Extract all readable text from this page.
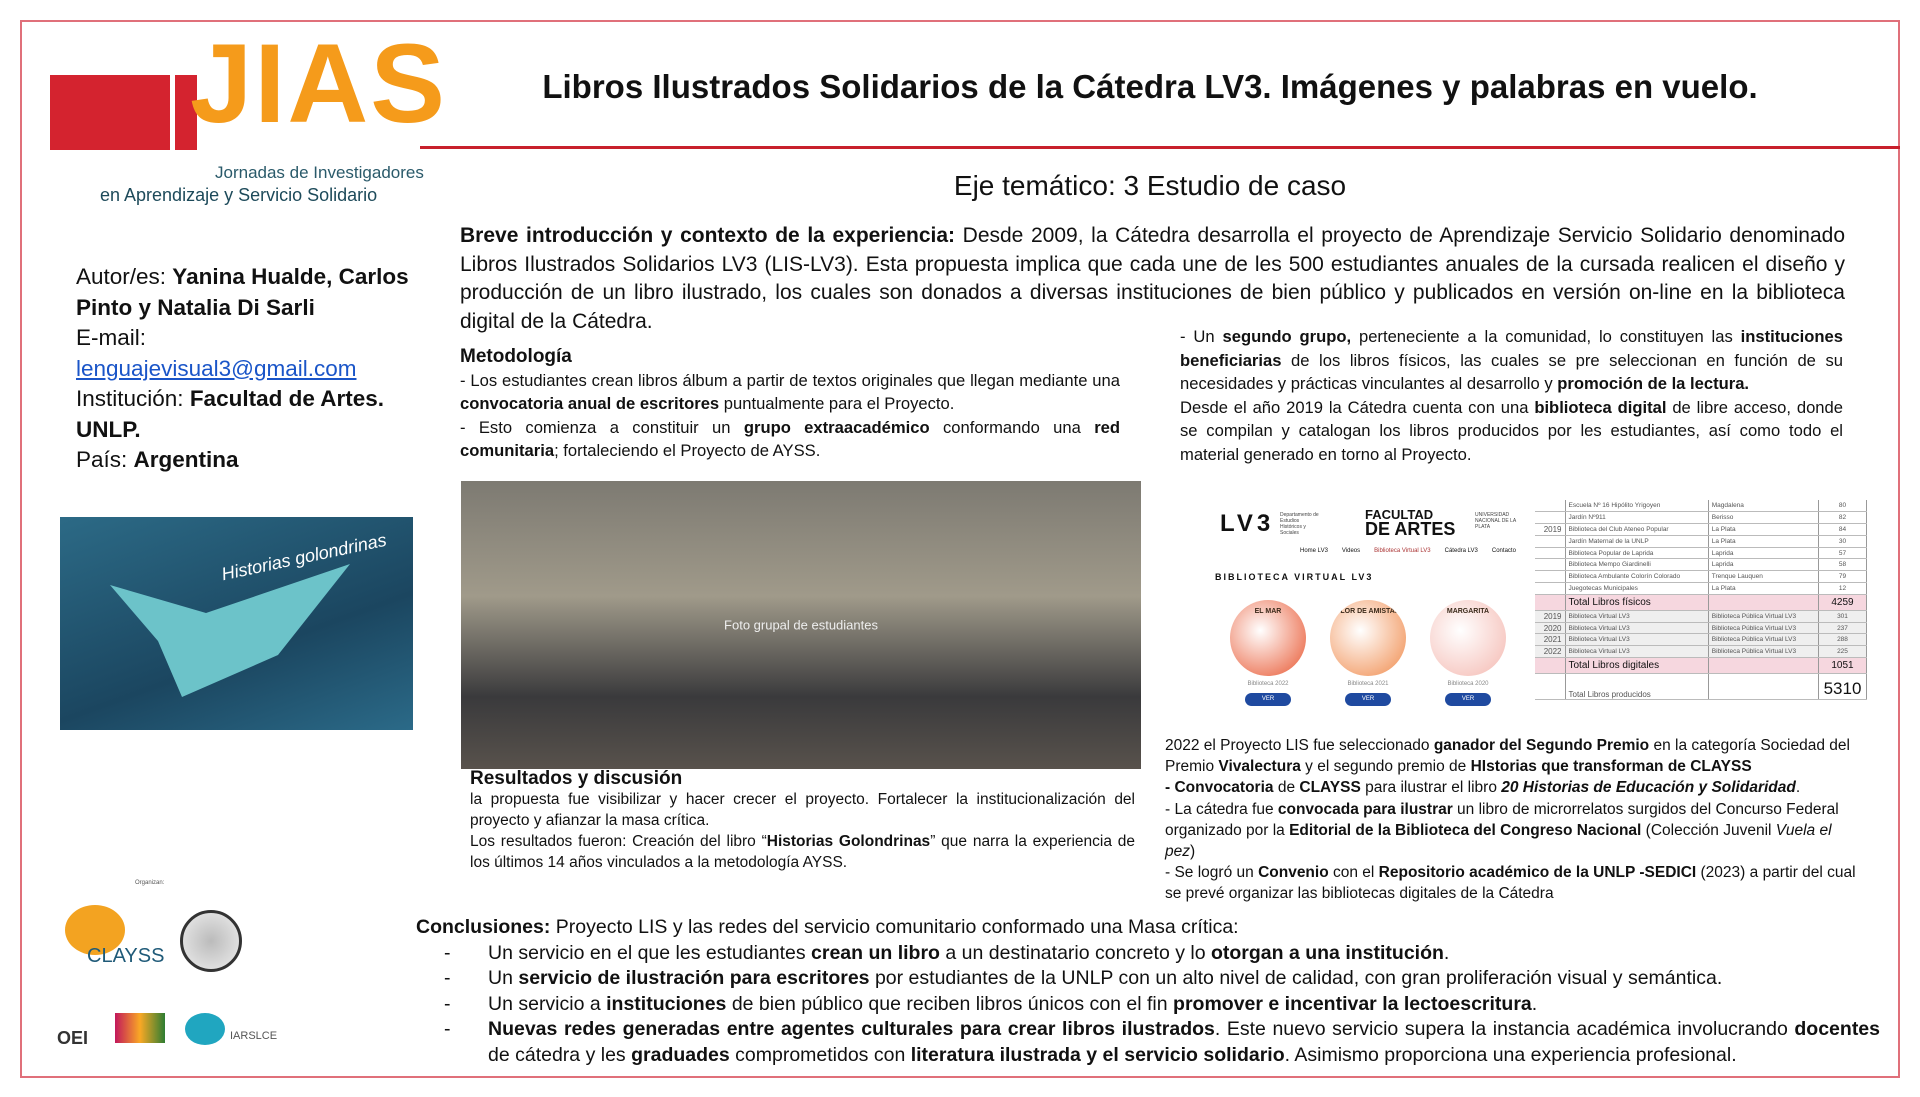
JIAS
Jornadas de Investigadores
en Aprendizaje y Servicio Solidario
Libros Ilustrados Solidarios de la Cátedra LV3. Imágenes y palabras en vuelo.
Eje temático: 3 Estudio de caso
Breve introducción y contexto de la experiencia: Desde 2009, la Cátedra desarrolla el proyecto de Aprendizaje Servicio Solidario denominado Libros Ilustrados Solidarios LV3 (LIS-LV3). Esta propuesta implica que cada une de les 500 estudiantes anuales de la cursada realicen el diseño y producción de un libro ilustrado, los cuales son donados a diversas instituciones de bien público y publicados en versión on-line en la biblioteca digital de la Cátedra.
Autor/es: Yanina Hualde, Carlos Pinto y Natalia Di Sarli
E-mail:
lenguajevisual3@gmail.com
Institución: Facultad de Artes. UNLP.
País: Argentina
Historias golondrinas
Metodología
- Los estudiantes crean libros álbum a partir de textos originales que llegan mediante una convocatoria anual de escritores puntualmente para el Proyecto.
- Esto comienza a constituir un grupo extraacadémico conformando una red comunitaria; fortaleciendo el Proyecto de AYSS.
Foto grupal de estudiantes
Resultados y discusión
la propuesta fue visibilizar y hacer crecer el proyecto. Fortalecer la institucionalización del proyecto y afianzar la masa crítica.
Los resultados fueron: Creación del libro “Historias Golondrinas” que narra la experiencia de los últimos 14 años vinculados a la metodología AYSS.
- Un segundo grupo, perteneciente a la comunidad, lo constituyen las instituciones beneficiarias de los libros físicos, las cuales se pre seleccionan en función de su necesidades y prácticas vinculantes al desarrollo y promoción de la lectura.
Desde el año 2019 la Cátedra cuenta con una biblioteca digital de libre acceso, donde se compilan y catalogan los libros producidos por les estudiantes, así como todo el material generado en torno al Proyecto.
LV3 Departamento de Estudios Históricos y Sociales
FACULTAD
DE ARTES
UNIVERSIDAD NACIONAL DE LA PLATA
Home LV3 Videos Biblioteca Virtual LV3 Cátedra LV3 Contacto
BIBLIOTECA VIRTUAL LV3
EL MAR
Biblioteca 2022
VER
FLOR DE AMISTAD
Biblioteca 2021
VER
MARGARITA
Biblioteca 2020
VER
	Escuela Nº 16 Hipólito Yrigoyen	Magdalena	80
	Jardín Nº911	Berisso	82
2019	Biblioteca del Club Ateneo Popular	La Plata	84
	Jardín Maternal de la UNLP	La Plata	30
	Biblioteca Popular de Laprida	Laprida	57
	Biblioteca Mempo Giardinelli	Laprida	58
	Biblioteca Ambulante Colorín Colorado	Trenque Lauquen	79
	Juegotecas Municipales	La Plata	12
	Total Libros físicos		4259
2019	Biblioteca Virtual LV3	Biblioteca Pública Virtual LV3	301
2020	Biblioteca Virtual LV3	Biblioteca Pública Virtual LV3	237
2021	Biblioteca Virtual LV3	Biblioteca Pública Virtual LV3	288
2022	Biblioteca Virtual LV3	Biblioteca Pública Virtual LV3	225
	Total Libros digitales		1051
	Total Libros producidos		5310
2022 el Proyecto LIS fue seleccionado ganador del Segundo Premio en la categoría Sociedad del Premio Vivalectura y el segundo premio de HIstorias que transforman de CLAYSS
- Convocatoria de CLAYSS para ilustrar el libro 20 Historias de Educación y Solidaridad.
- La cátedra fue convocada para ilustrar un libro de microrrelatos surgidos del Concurso Federal organizado por la Editorial de la Biblioteca del Congreso Nacional (Colección Juvenil Vuela el pez)
- Se logró un Convenio con el Repositorio académico de la UNLP -SEDICI (2023) a partir del cual se prevé organizar las bibliotecas digitales de la Cátedra
Organizan:
CLAYSS
OEI	IARSLCE
Conclusiones: Proyecto LIS y las redes del servicio comunitario conformado una Masa crítica:
- Un servicio en el que les estudiantes crean un libro a un destinatario concreto y lo otorgan a una institución.
- Un servicio de ilustración para escritores por estudiantes de la UNLP con un alto nivel de calidad, con gran proliferación visual y semántica.
- Un servicio a instituciones de bien público que reciben libros únicos con el fin promover e incentivar la lectoescritura.
- Nuevas redes generadas entre agentes culturales para crear libros ilustrados. Este nuevo servicio supera la instancia académica involucrando docentes de cátedra y les graduades comprometidos con literatura ilustrada y el servicio solidario. Asimismo proporciona una experiencia profesional.
